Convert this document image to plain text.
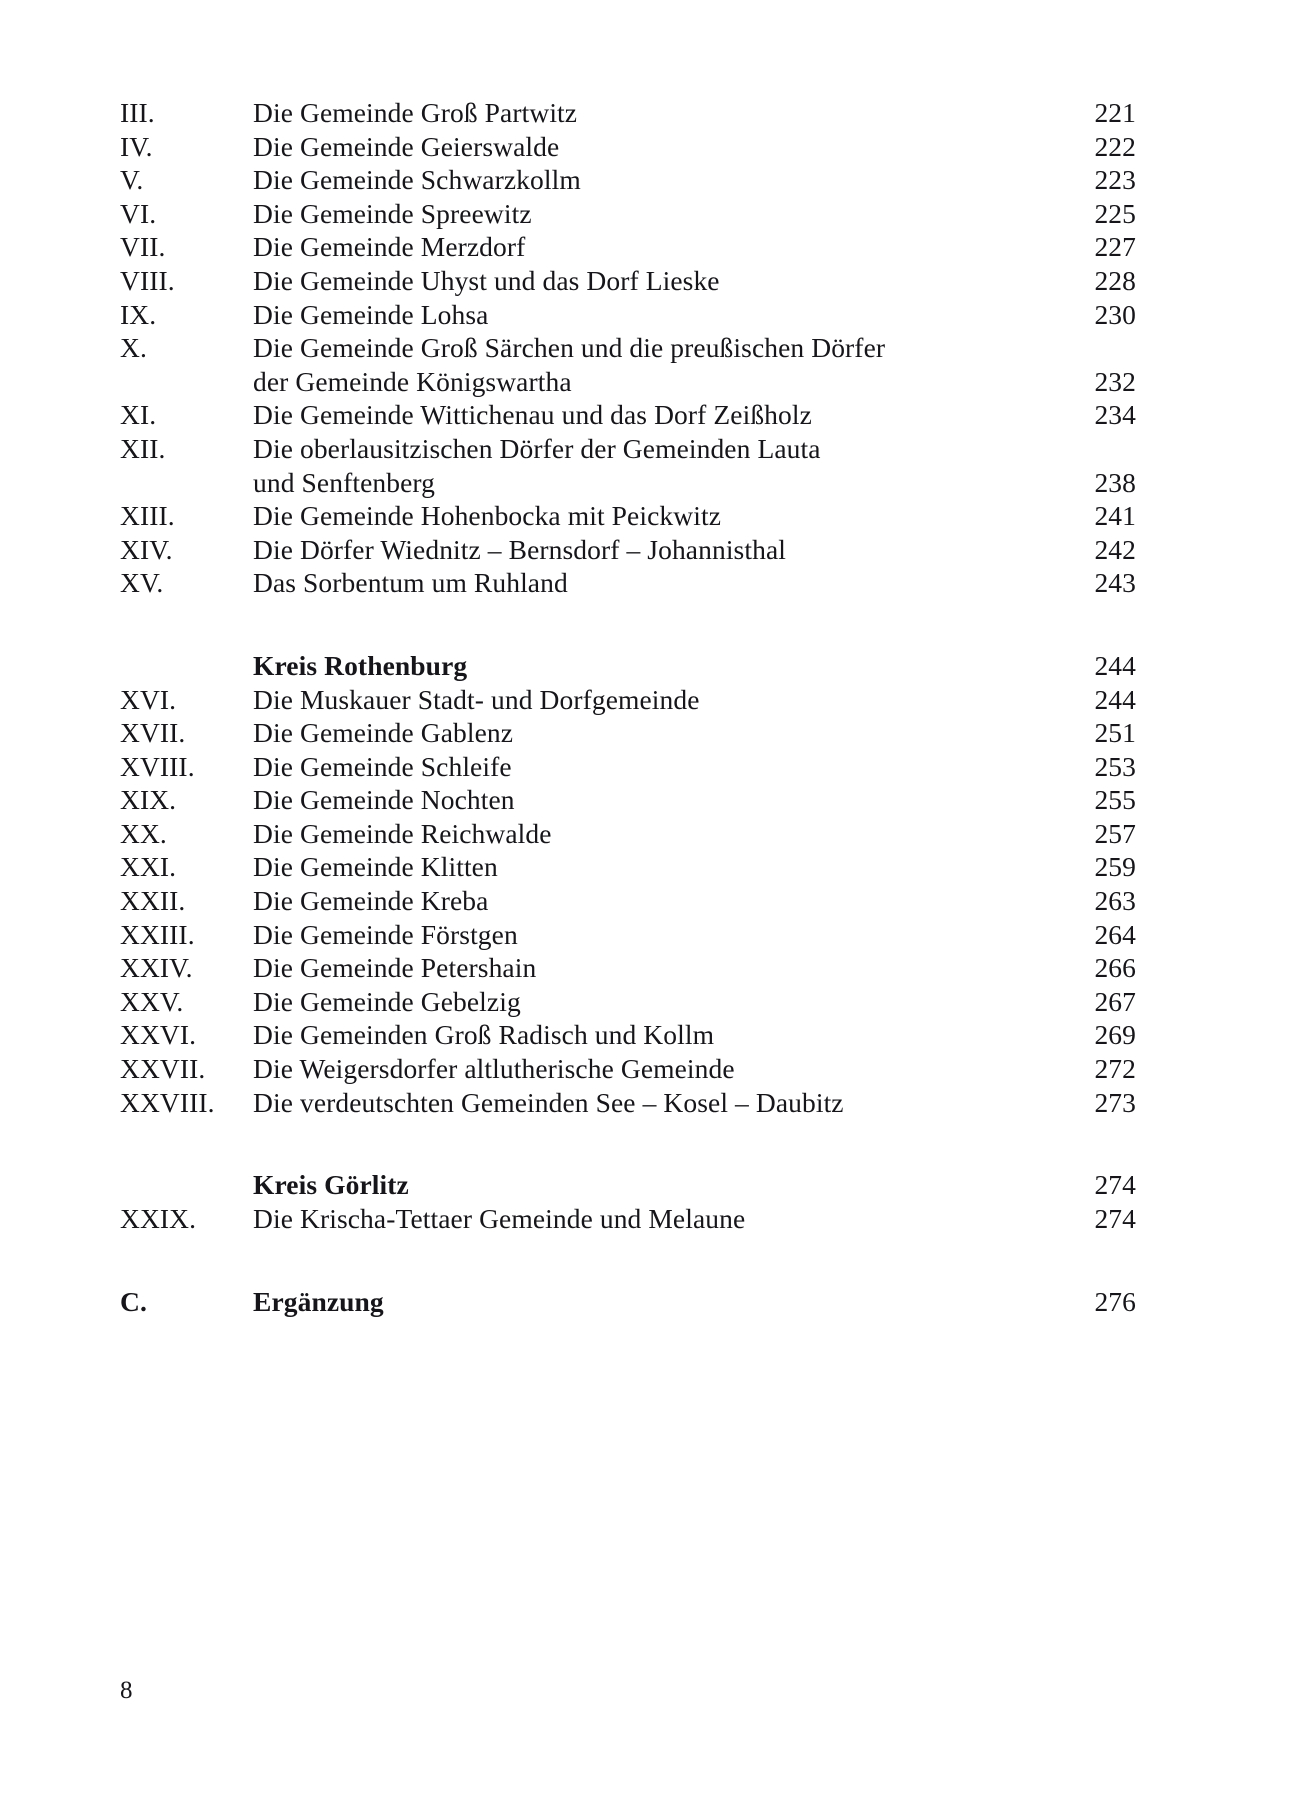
III.	Die Gemeinde Groß Partwitz	221
IV.	Die Gemeinde Geierswalde	222
V.	Die Gemeinde Schwarzkollm	223
VI.	Die Gemeinde Spreewitz	225
VII.	Die Gemeinde Merzdorf	227
VIII.	Die Gemeinde Uhyst und das Dorf Lieske	228
IX.	Die Gemeinde Lohsa	230
X.	Die Gemeinde Groß Särchen und die preußischen Dörfer
der Gemeinde Königswartha	232
XI.	Die Gemeinde Wittichenau und das Dorf Zeißholz	234
XII.	Die oberlausitzischen Dörfer der Gemeinden Lauta
und Senftenberg	238
XIII.	Die Gemeinde Hohenbocka mit Peickwitz	241
XIV.	Die Dörfer Wiednitz – Bernsdorf – Johannisthal	242
XV.	Das Sorbentum um Ruhland	243
Kreis Rothenburg	244
XVI.	Die Muskauer Stadt- und Dorfgemeinde	244
XVII.	Die Gemeinde Gablenz	251
XVIII.	Die Gemeinde Schleife	253
XIX.	Die Gemeinde Nochten	255
XX.	Die Gemeinde Reichwalde	257
XXI.	Die Gemeinde Klitten	259
XXII.	Die Gemeinde Kreba	263
XXIII.	Die Gemeinde Förstgen	264
XXIV.	Die Gemeinde Petershain	266
XXV.	Die Gemeinde Gebelzig	267
XXVI.	Die Gemeinden Groß Radisch und Kollm	269
XXVII.	Die Weigersdorfer altlutherische Gemeinde	272
XXVIII.	Die verdeutschten Gemeinden See – Kosel – Daubitz	273
Kreis Görlitz	274
XXIX.	Die Krischa-Tettaer Gemeinde und Melaune	274
C.	Ergänzung	276
8
